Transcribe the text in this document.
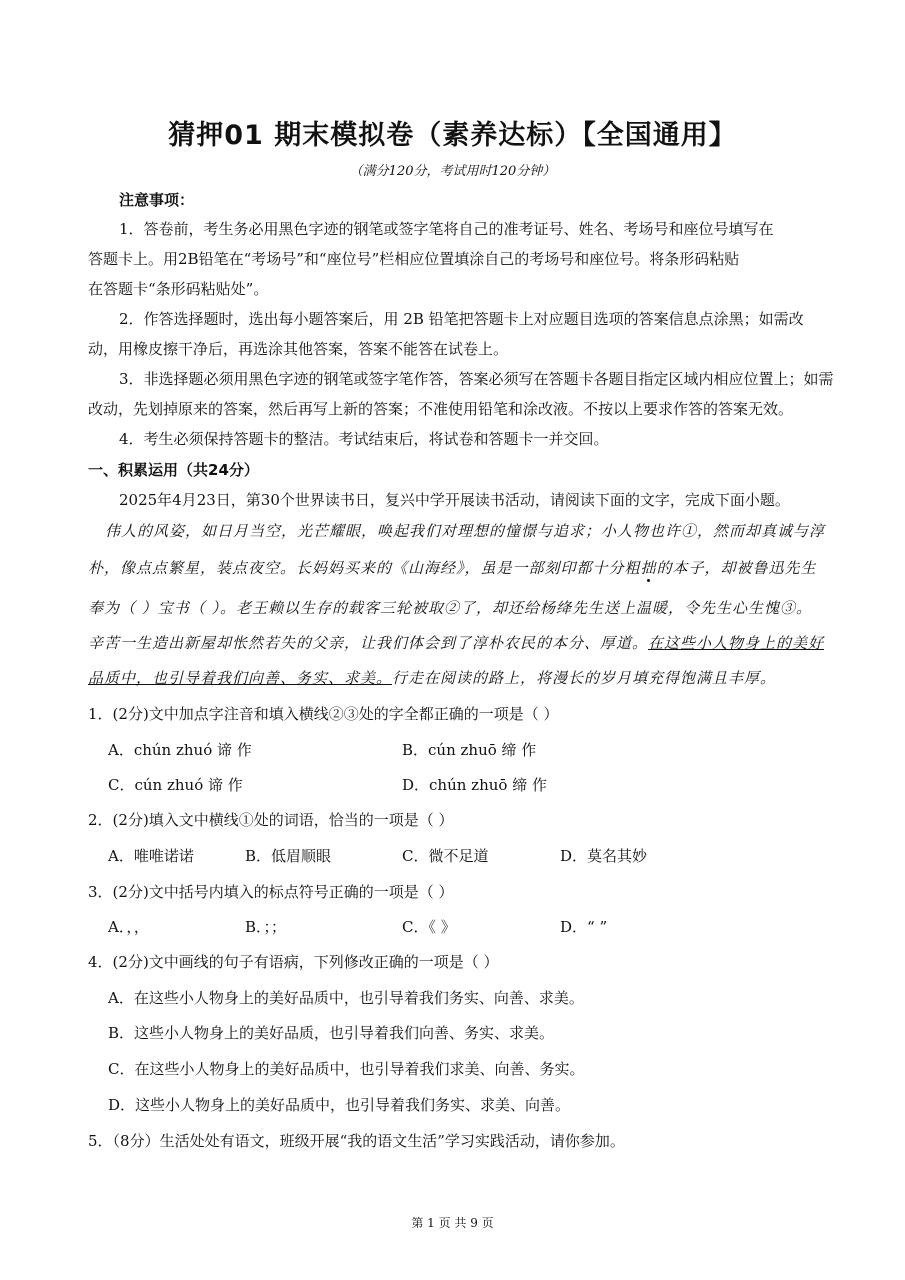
猜押01 期末模拟卷（素养达标）【全国通用】
（满分120分，考试用时120分钟）
注意事项：
1．答卷前，考生务必用黑色字迹的钢笔或签字笔将自己的准考证号、姓名、考场号和座位号填写在
答题卡上。用2B铅笔在“考场号”和“座位号”栏相应位置填涂自己的考场号和座位号。将条形码粘贴
在答题卡“条形码粘贴处”。
2．作答选择题时，选出每小题答案后，用 2B 铅笔把答题卡上对应题目选项的答案信息点涂黑；如需改
动，用橡皮擦干净后，再选涂其他答案，答案不能答在试卷上。
3．非选择题必须用黑色字迹的钢笔或签字笔作答，答案必须写在答题卡各题目指定区域内相应位置上；如需
改动，先划掉原来的答案，然后再写上新的答案；不准使用铅笔和涂改液。不按以上要求作答的答案无效。
4．考生必须保持答题卡的整洁。考试结束后，将试卷和答题卡一并交回。
一、积累运用（共24分）
2025年4月23日，第30个世界读书日，复兴中学开展读书活动，请阅读下面的文字，完成下面小题。
伟人的风姿，如日月当空，光芒耀眼，唤起我们对理想的憧憬与追求；小人物也许①，然而却真诚与淳
朴，像点点繁星，装点夜空。长妈妈买来的《山海经》，虽是一部刻印都十分粗拙的本子，却被鲁迅先生
奉为（ ）宝书（ ）。老王赖以生存的载客三轮被取②了，却还给杨绛先生送上温暖，令先生心生愧③。
辛苦一生造出新屋却怅然若失的父亲，让我们体会到了淳朴农民的本分、厚道。在这些小人物身上的美好
品质中，也引导着我们向善、务实、求美。行走在阅读的路上，将漫长的岁月填充得饱满且丰厚。
1．(2分)文中加点字注音和填入横线②③处的字全都正确的一项是（ ）
A．chún zhuó 谛 作	B．cún zhuō 缔 作
C．cún zhuó 谛 作	D．chún zhuō 缔 作
2．(2分)填入文中横线①处的词语，恰当的一项是（ ）
A．唯唯诺诺	B．低眉顺眼	C．微不足道	D．莫名其妙
3．(2分)文中括号内填入的标点符号正确的一项是（ ）
A．，，	B．；；	C．《 》	D．“ ”
4．(2分)文中画线的句子有语病，下列修改正确的一项是（ ）
A．在这些小人物身上的美好品质中，也引导着我们务实、向善、求美。
B．这些小人物身上的美好品质，也引导着我们向善、务实、求美。
C．在这些小人物身上的美好品质中，也引导着我们求美、向善、务实。
D．这些小人物身上的美好品质中，也引导着我们务实、求美、向善。
5．（8分）生活处处有语文，班级开展“我的语文生活”学习实践活动，请你参加。
第 1 页 共 9 页
